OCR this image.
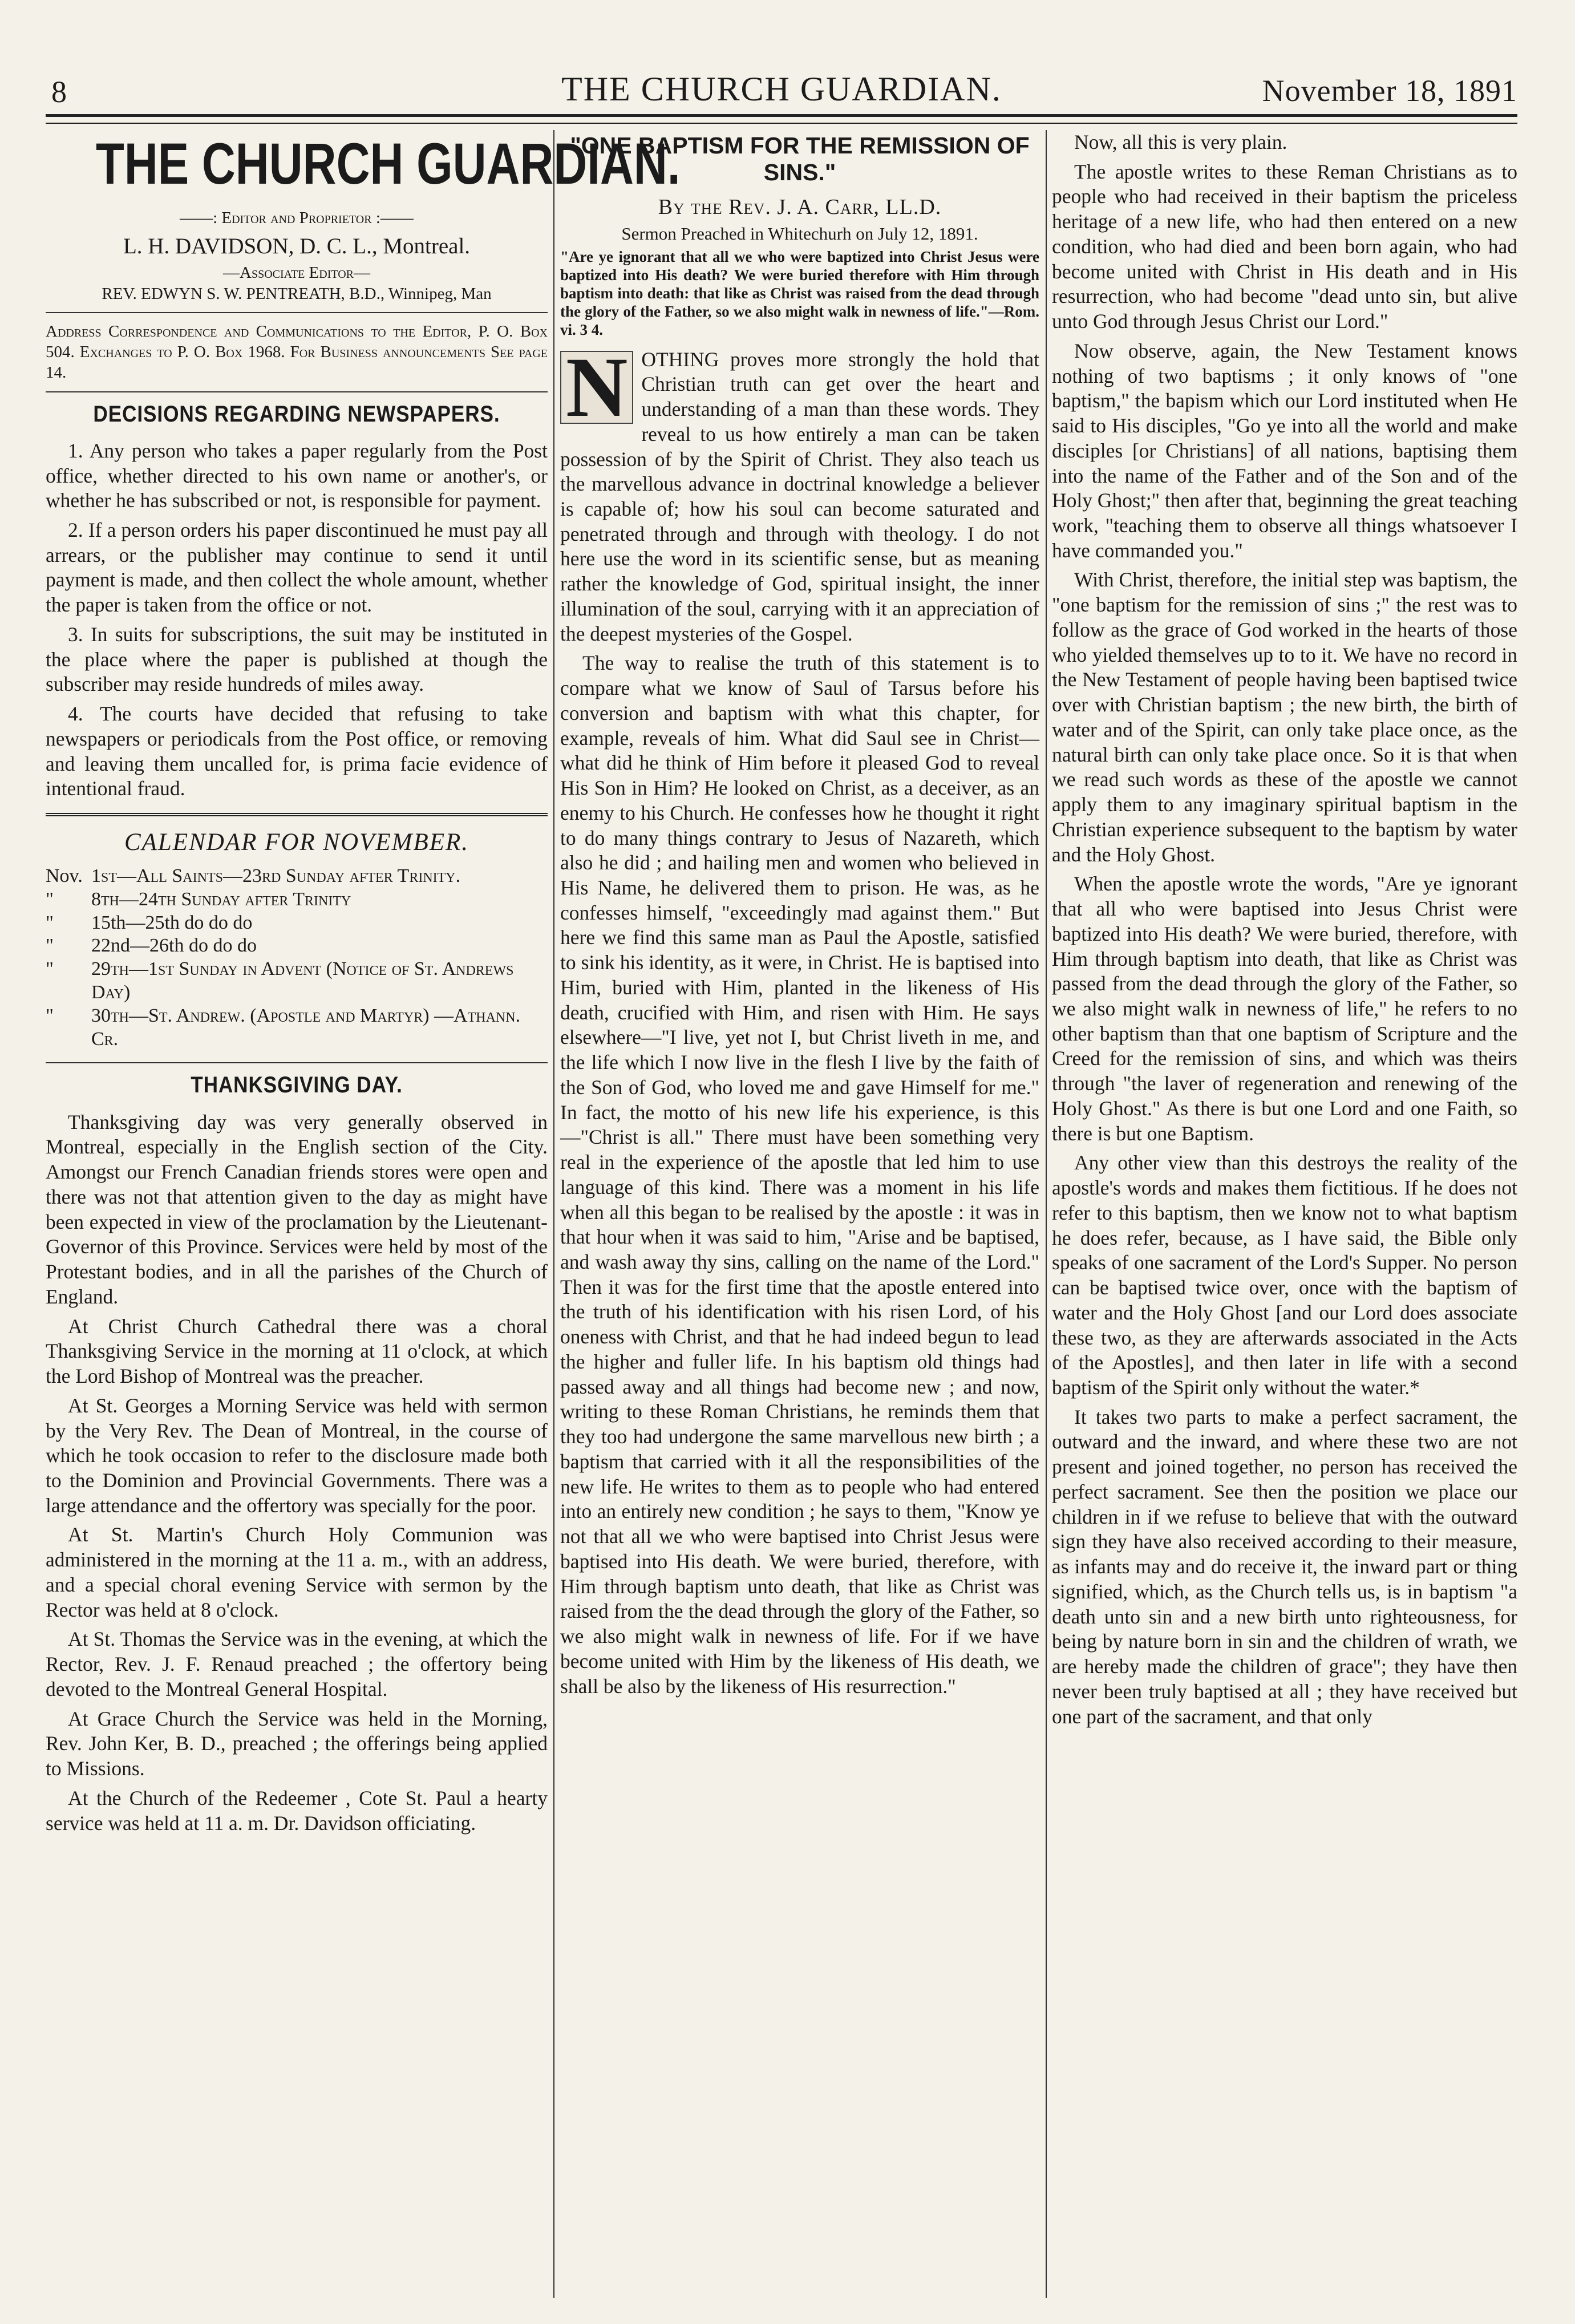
8	THE CHURCH GUARDIAN.	November 18, 1891
THE CHURCH GUARDIAN.
——: Editor and Proprietor :——
L. H. DAVIDSON, D. C. L., Montreal.
—Associate Editor—
REV. EDWYN S. W. PENTREATH, B.D., Winnipeg, Man
Address Correspondence and Communications to the Editor, P. O. Box 504. Exchanges to P. O. Box 1968. For Business announcements See page 14.
DECISIONS REGARDING NEWSPAPERS.

1. Any person who takes a paper regularly from the Post office, whether directed to his own name or another's, or whether he has subscribed or not, is responsible for payment.

2. If a person orders his paper discontinued he must pay all arrears, or the publisher may continue to send it until payment is made, and then collect the whole amount, whether the paper is taken from the office or not.

3. In suits for subscriptions, the suit may be instituted in the place where the paper is published at though the subscriber may reside hundreds of miles away.

4. The courts have decided that refusing to take newspapers or periodicals from the Post office, or removing and leaving them uncalled for, is prima facie evidence of intentional fraud.

CALENDAR FOR NOVEMBER.
Nov. 1st—All Saints—23rd Sunday after Trinity.
"	8th—24th Sunday after Trinity
"	15th—25th do do do
"	22nd—26th do do do
"	29th—1st Sunday in Advent (Notice of St. Andrews Day)
"	30th—St. Andrew. (Apostle and Martyr) —Athann. Cr.
THANKSGIVING DAY.

Thanksgiving day was very generally observed in Montreal, especially in the English section of the City. Amongst our French Canadian friends stores were open and there was not that attention given to the day as might have been expected in view of the proclamation by the Lieutenant-Governor of this Province. Services were held by most of the Protestant bodies, and in all the parishes of the Church of England.

At Christ Church Cathedral there was a choral Thanksgiving Service in the morning at 11 o'clock, at which the Lord Bishop of Montreal was the preacher.

At St. Georges a Morning Service was held with sermon by the Very Rev. The Dean of Montreal, in the course of which he took occasion to refer to the disclosure made both to the Dominion and Provincial Governments. There was a large attendance and the offertory was specially for the poor.

At St. Martin's Church Holy Communion was administered in the morning at the 11 a. m., with an address, and a special choral evening Service with sermon by the Rector was held at 8 o'clock.

At St. Thomas the Service was in the evening, at which the Rector, Rev. J. F. Renaud preached ; the offertory being devoted to the Montreal General Hospital.

At Grace Church the Service was held in the Morning, Rev. John Ker, B. D., preached ; the offerings being applied to Missions.

At the Church of the Redeemer , Cote St. Paul a hearty service was held at 11 a. m. Dr. Davidson officiating.

"ONE BAPTISM FOR THE REMISSION OF SINS."
By the Rev. J. A. Carr, LL.D.
Sermon Preached in Whitechurh on July 12, 1891.
"Are ye ignorant that all we who were baptized into Christ Jesus were baptized into His death? We were buried therefore with Him through baptism into death: that like as Christ was raised from the dead through the glory of the Father, so we also might walk in newness of life."—Rom. vi. 3 4.

N OTHING proves more strongly the hold that Christian truth can get over the heart and understanding of a man than these words. They reveal to us how entirely a man can be taken possession of by the Spirit of Christ. They also teach us the marvellous advance in doctrinal knowledge a believer is capable of; how his soul can become saturated and penetrated through and through with theology. I do not here use the word in its scientific sense, but as meaning rather the knowledge of God, spiritual insight, the inner illumination of the soul, carrying with it an appreciation of the deepest mysteries of the Gospel.

The way to realise the truth of this statement is to compare what we know of Saul of Tarsus before his conversion and baptism with what this chapter, for example, reveals of him. What did Saul see in Christ—what did he think of Him before it pleased God to reveal His Son in Him? He looked on Christ, as a deceiver, as an enemy to his Church. He confesses how he thought it right to do many things contrary to Jesus of Nazareth, which also he did ; and hailing men and women who believed in His Name, he delivered them to prison. He was, as he confesses himself, "exceedingly mad against them." But here we find this same man as Paul the Apostle, satisfied to sink his identity, as it were, in Christ. He is baptised into Him, buried with Him, planted in the likeness of His death, crucified with Him, and risen with Him. He says elsewhere—"I live, yet not I, but Christ liveth in me, and the life which I now live in the flesh I live by the faith of the Son of God, who loved me and gave Himself for me." In fact, the motto of his new life his experience, is this—"Christ is all." There must have been something very real in the experience of the apostle that led him to use language of this kind. There was a moment in his life when all this began to be realised by the apostle : it was in that hour when it was said to him, "Arise and be baptised, and wash away thy sins, calling on the name of the Lord." Then it was for the first time that the apostle entered into the truth of his identification with his risen Lord, of his oneness with Christ, and that he had indeed begun to lead the higher and fuller life. In his baptism old things had passed away and all things had become new ; and now, writing to these Roman Christians, he reminds them that they too had undergone the same marvellous new birth ; a baptism that carried with it all the responsibilities of the new life. He writes to them as to people who had entered into an entirely new condition ; he says to them, "Know ye not that all we who were baptised into Christ Jesus were baptised into His death. We were buried, therefore, with Him through baptism unto death, that like as Christ was raised from the the dead through the glory of the Father, so we also might walk in newness of life. For if we have become united with Him by the likeness of His death, we shall be also by the likeness of His resurrection."

Now, all this is very plain.

The apostle writes to these Reman Christians as to people who had received in their baptism the priceless heritage of a new life, who had then entered on a new condition, who had died and been born again, who had become united with Christ in His death and in His resurrection, who had become "dead unto sin, but alive unto God through Jesus Christ our Lord."

Now observe, again, the New Testament knows nothing of two baptisms ; it only knows of "one baptism," the bapism which our Lord instituted when He said to His disciples, "Go ye into all the world and make disciples [or Christians] of all nations, baptising them into the name of the Father and of the Son and of the Holy Ghost;" then after that, beginning the great teaching work, "teaching them to observe all things whatsoever I have commanded you."

With Christ, therefore, the initial step was baptism, the "one baptism for the remission of sins ;" the rest was to follow as the grace of God worked in the hearts of those who yielded themselves up to to it. We have no record in the New Testament of people having been baptised twice over with Christian baptism ; the new birth, the birth of water and of the Spirit, can only take place once, as the natural birth can only take place once. So it is that when we read such words as these of the apostle we cannot apply them to any imaginary spiritual baptism in the Christian experience subsequent to the baptism by water and the Holy Ghost.

When the apostle wrote the words, "Are ye ignorant that all who were baptised into Jesus Christ were baptized into His death? We were buried, therefore, with Him through baptism into death, that like as Christ was passed from the dead through the glory of the Father, so we also might walk in newness of life," he refers to no other baptism than that one baptism of Scripture and the Creed for the remission of sins, and which was theirs through "the laver of regeneration and renewing of the Holy Ghost." As there is but one Lord and one Faith, so there is but one Baptism.

Any other view than this destroys the reality of the apostle's words and makes them fictitious. If he does not refer to this baptism, then we know not to what baptism he does refer, because, as I have said, the Bible only speaks of one sacrament of the Lord's Supper. No person can be baptised twice over, once with the baptism of water and the Holy Ghost [and our Lord does associate these two, as they are afterwards associated in the Acts of the Apostles], and then later in life with a second baptism of the Spirit only without the water.*

It takes two parts to make a perfect sacrament, the outward and the inward, and where these two are not present and joined together, no person has received the perfect sacrament. See then the position we place our children in if we refuse to believe that with the outward sign they have also received according to their measure, as infants may and do receive it, the inward part or thing signified, which, as the Church tells us, is in baptism "a death unto sin and a new birth unto righteousness, for being by nature born in sin and the children of wrath, we are hereby made the children of grace"; they have then never been truly baptised at all ; they have received but one part of the sacrament, and that only
